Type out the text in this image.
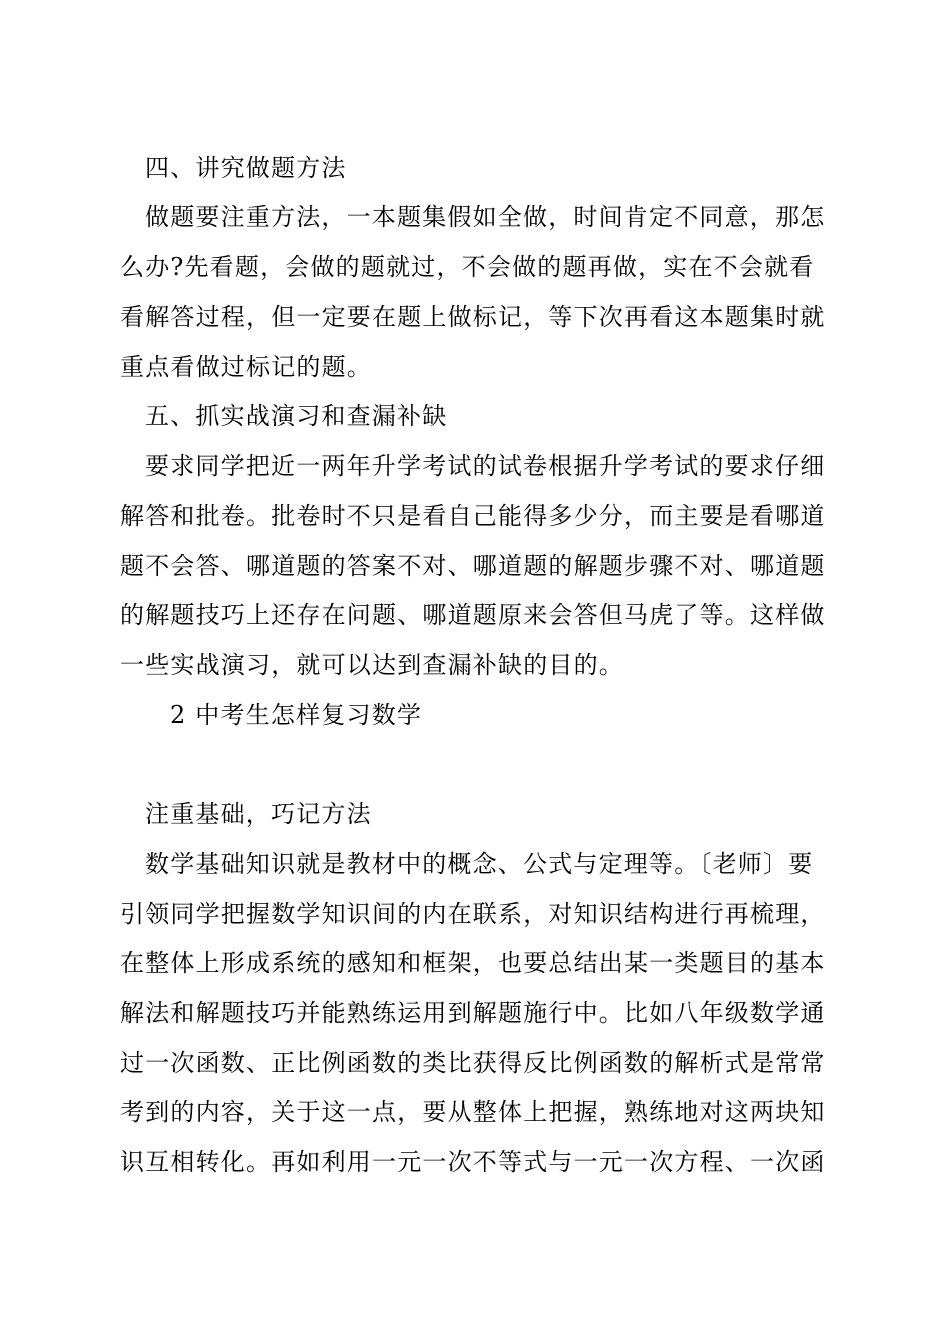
四、讲究做题方法
做题要注重方法，一本题集假如全做，时间肯定不同意，那怎
么办?先看题，会做的题就过，不会做的题再做，实在不会就看
看解答过程，但一定要在题上做标记，等下次再看这本题集时就
重点看做过标记的题。
五、抓实战演习和查漏补缺
要求同学把近一两年升学考试的试卷根据升学考试的要求仔细
解答和批卷。批卷时不只是看自己能得多少分，而主要是看哪道
题不会答、哪道题的答案不对、哪道题的解题步骤不对、哪道题
的解题技巧上还存在问题、哪道题原来会答但马虎了等。这样做
一些实战演习，就可以达到查漏补缺的目的。
2 中考生怎样复习数学
注重基础，巧记方法
数学基础知识就是教材中的概念、公式与定理等。〔老师〕要
引领同学把握数学知识间的内在联系，对知识结构进行再梳理，
在整体上形成系统的感知和框架，也要总结出某一类题目的基本
解法和解题技巧并能熟练运用到解题施行中。比如八年级数学通
过一次函数、正比例函数的类比获得反比例函数的解析式是常常
考到的内容，关于这一点，要从整体上把握，熟练地对这两块知
识互相转化。再如利用一元一次不等式与一元一次方程、一次函
